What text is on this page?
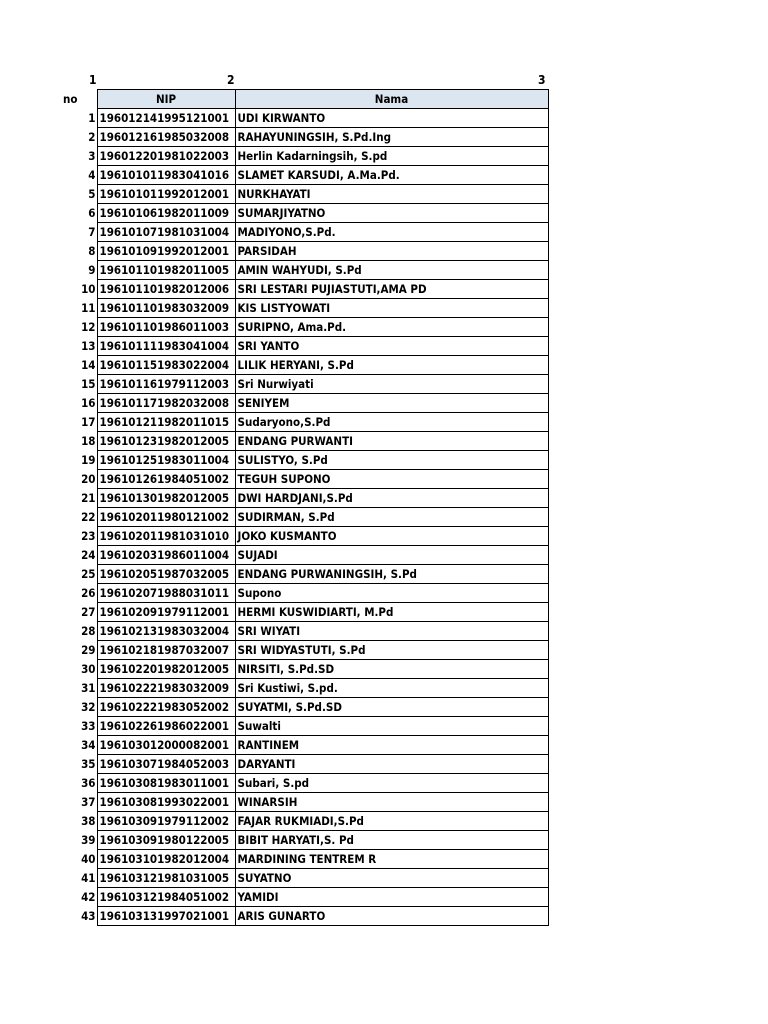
1	2	3
no	NIP	Nama
1	196012141995121001	UDI KIRWANTO
2	196012161985032008	RAHAYUNINGSIH, S.Pd.Ing
3	196012201981022003	Herlin Kadarningsih, S.pd
4	196101011983041016	SLAMET KARSUDI, A.Ma.Pd.
5	196101011992012001	NURKHAYATI
6	196101061982011009	SUMARJIYATNO
7	196101071981031004	MADIYONO,S.Pd.
8	196101091992012001	PARSIDAH
9	196101101982011005	AMIN WAHYUDI, S.Pd
10	196101101982012006	SRI LESTARI PUJIASTUTI,AMA PD
11	196101101983032009	KIS LISTYOWATI
12	196101101986011003	SURIPNO, Ama.Pd.
13	196101111983041004	SRI YANTO
14	196101151983022004	LILIK HERYANI, S.Pd
15	196101161979112003	Sri Nurwiyati
16	196101171982032008	SENIYEM
17	196101211982011015	Sudaryono,S.Pd
18	196101231982012005	ENDANG PURWANTI
19	196101251983011004	SULISTYO, S.Pd
20	196101261984051002	TEGUH SUPONO
21	196101301982012005	DWI HARDJANI,S.Pd
22	196102011980121002	SUDIRMAN, S.Pd
23	196102011981031010	JOKO KUSMANTO
24	196102031986011004	SUJADI
25	196102051987032005	ENDANG PURWANINGSIH, S.Pd
26	196102071988031011	Supono
27	196102091979112001	HERMI KUSWIDIARTI, M.Pd
28	196102131983032004	SRI WIYATI
29	196102181987032007	SRI WIDYASTUTI, S.Pd
30	196102201982012005	NIRSITI, S.Pd.SD
31	196102221983032009	Sri Kustiwi, S.pd.
32	196102221983052002	SUYATMI, S.Pd.SD
33	196102261986022001	Suwalti
34	196103012000082001	RANTINEM
35	196103071984052003	DARYANTI
36	196103081983011001	Subari, S.pd
37	196103081993022001	WINARSIH
38	196103091979112002	FAJAR RUKMIADI,S.Pd
39	196103091980122005	BIBIT HARYATI,S. Pd
40	196103101982012004	MARDINING TENTREM R
41	196103121981031005	SUYATNO
42	196103121984051002	YAMIDI
43	196103131997021001	ARIS GUNARTO
